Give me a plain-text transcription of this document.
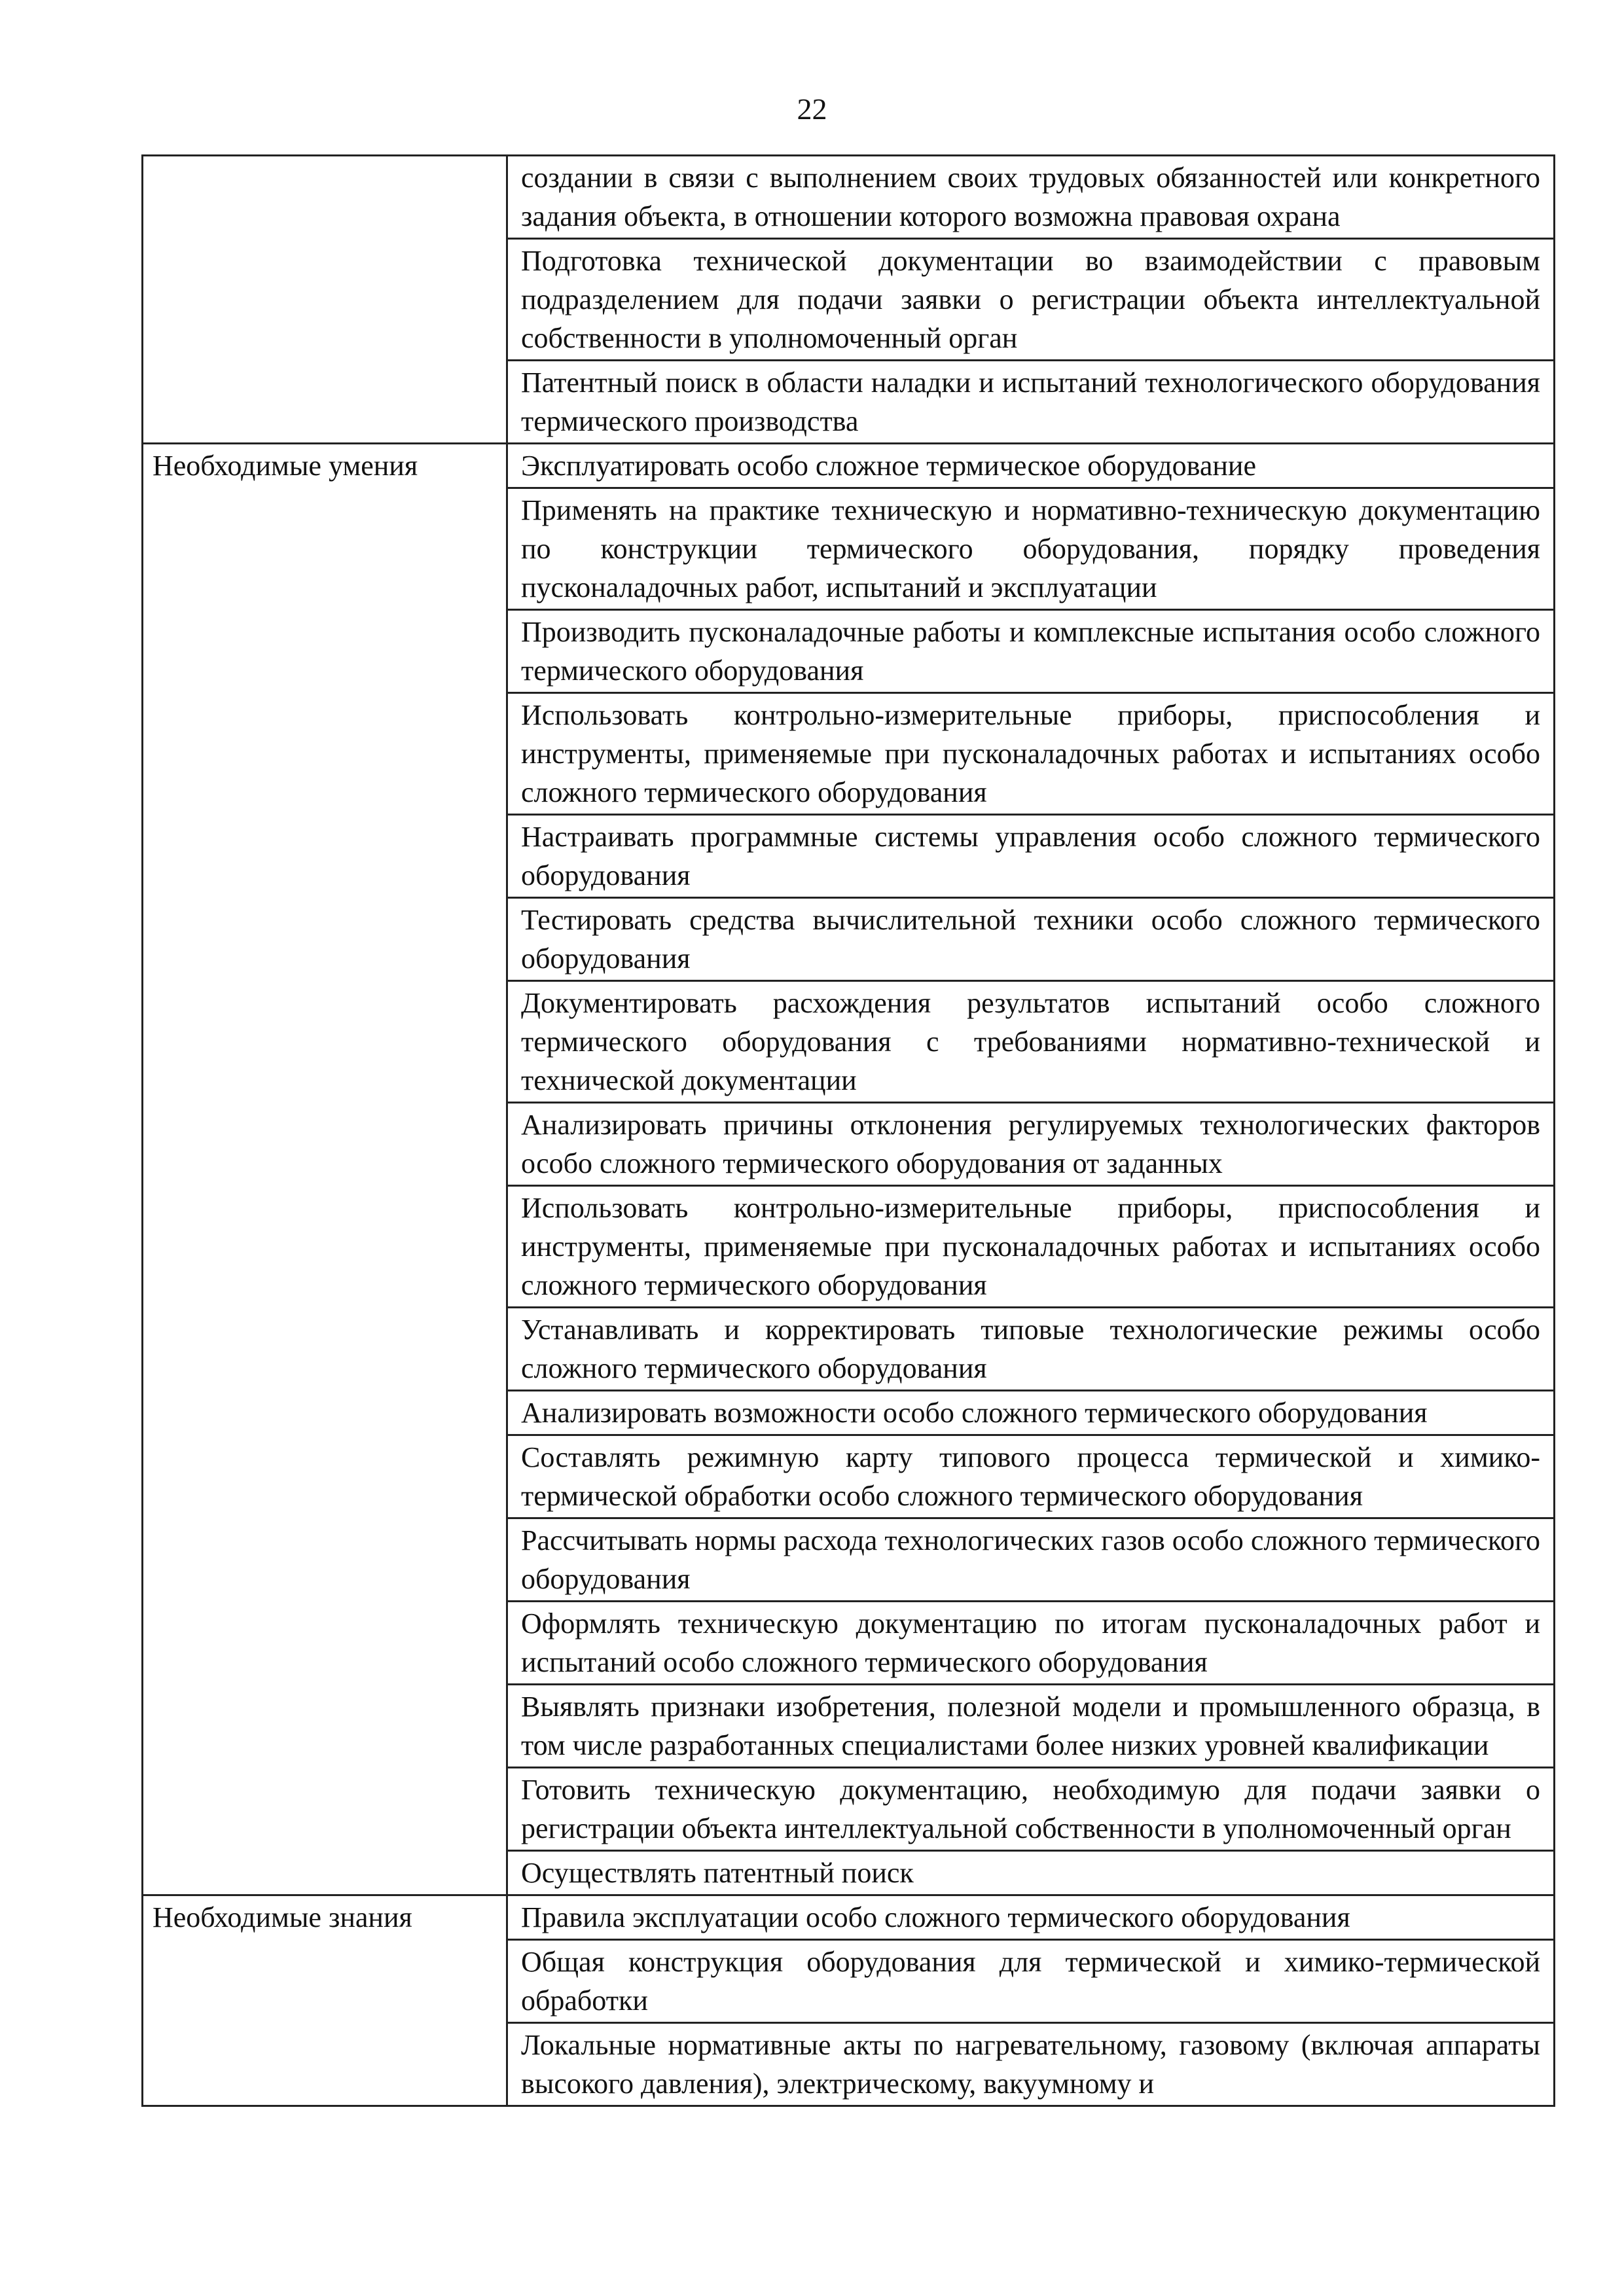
22
	создании в связи с выполнением своих трудовых обязанностей или конкретного задания объекта, в отношении которого возможна правовая охрана
	Подготовка технической документации во взаимодействии с правовым подразделением для подачи заявки о регистрации объекта интеллектуальной собственности в уполномоченный орган
	Патентный поиск в области наладки и испытаний технологического оборудования термического производства
Необходимые умения	Эксплуатировать особо сложное термическое оборудование
	Применять на практике техническую и нормативно-техническую документацию по конструкции термического оборудования, порядку проведения пусконаладочных работ, испытаний и эксплуатации
	Производить пусконаладочные работы и комплексные испытания особо сложного термического оборудования
	Использовать контрольно-измерительные приборы, приспособления и инструменты, применяемые при пусконаладочных работах и испытаниях особо сложного термического оборудования
	Настраивать программные системы управления особо сложного термического оборудования
	Тестировать средства вычислительной техники особо сложного термического оборудования
	Документировать расхождения результатов испытаний особо сложного термического оборудования с требованиями нормативно-технической и технической документации
	Анализировать причины отклонения регулируемых технологических факторов особо сложного термического оборудования от заданных
	Использовать контрольно-измерительные приборы, приспособления и инструменты, применяемые при пусконаладочных работах и испытаниях особо сложного термического оборудования
	Устанавливать и корректировать типовые технологические режимы особо сложного термического оборудования
	Анализировать возможности особо сложного термического оборудования
	Составлять режимную карту типового процесса термической и химико-термической обработки особо сложного термического оборудования
	Рассчитывать нормы расхода технологических газов особо сложного термического оборудования
	Оформлять техническую документацию по итогам пусконаладочных работ и испытаний особо сложного термического оборудования
	Выявлять признаки изобретения, полезной модели и промышленного образца, в том числе разработанных специалистами более низких уровней квалификации
	Готовить техническую документацию, необходимую для подачи заявки о регистрации объекта интеллектуальной собственности в уполномоченный орган
	Осуществлять патентный поиск
Необходимые знания	Правила эксплуатации особо сложного термического оборудования
	Общая конструкция оборудования для термической и химико-термической обработки
	Локальные нормативные акты по нагревательному, газовому (включая аппараты высокого давления), электрическому, вакуумному и
